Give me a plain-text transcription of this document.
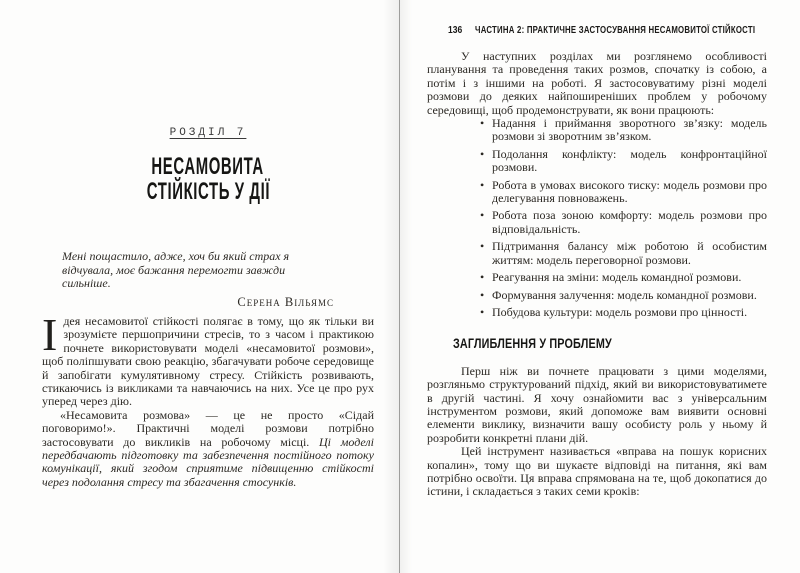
РОЗДІЛ 7
НЕСАМОВИТА
СТІЙКІСТЬ У ДІЇ
Мені пощастило, адже, хоч би який страх я відчувала, моє бажання перемогти завжди сильніше.
Серена Вільямс

Ідея несамовитої стійкості полягає в тому, що як тільки ви зрозумієте першопричини стресів, то з часом і практикою почнете використовувати моделі «несамовитої розмови», щоб поліпшувати свою реакцію, збагачувати робоче середовище й запобігати кумулятивному стресу. Стійкість розвивають, стикаючись із викликами та навчаючись на них. Усе це про рух уперед через дію.

«Несамовита розмова» — це не просто «Сідай поговоримо!». Практичні моделі розмови потрібно застосовувати до викликів на робочому місці. Ці моделі передбачають підготовку та забезпечення постійного потоку комунікації, який згодом сприятиме підвищенню стійкості через подолання стресу та збагачення стосунків.

136 ЧАСТИНА 2: ПРАКТИЧНЕ ЗАСТОСУВАННЯ НЕСАМОВИТОЇ СТІЙКОСТІ

У наступних розділах ми розглянемо особливості планування та проведення таких розмов, спочатку із собою, а потім і з іншими на роботі. Я застосовуватиму різні моделі розмови до деяких найпоширеніших проблем у робочому середовищі, щоб продемонструвати, як вони працюють:

• Надання і приймання зворотного зв’язку: модель розмови зі зворотним зв’язком.
• Подолання конфлікту: модель конфронтаційної розмови.
• Робота в умовах високого тиску: модель розмови про делегування повноважень.
• Робота поза зоною комфорту: модель розмови про відповідальність.
• Підтримання балансу між роботою й особистим життям: модель переговорної розмови.
• Реагування на зміни: модель командної розмови.
• Формування залучення: модель командної розмови.
• Побудова культури: модель розмови про цінності.
ЗАГЛИБЛЕННЯ У ПРОБЛЕМУ

Перш ніж ви почнете працювати з цими моделями, розгляньмо структурований підхід, який ви використовуватимете в другій частині. Я хочу ознайомити вас з універсальним інструментом розмови, який допоможе вам виявити основні елементи виклику, визначити вашу особисту роль у ньому й розробити конкретні плани дій.

Цей інструмент називається «вправа на пошук корисних копалин», тому що ви шукаєте відповіді на питання, які вам потрібно освоїти. Ця вправа спрямована на те, щоб докопатися до істини, і складається з таких семи кроків:
